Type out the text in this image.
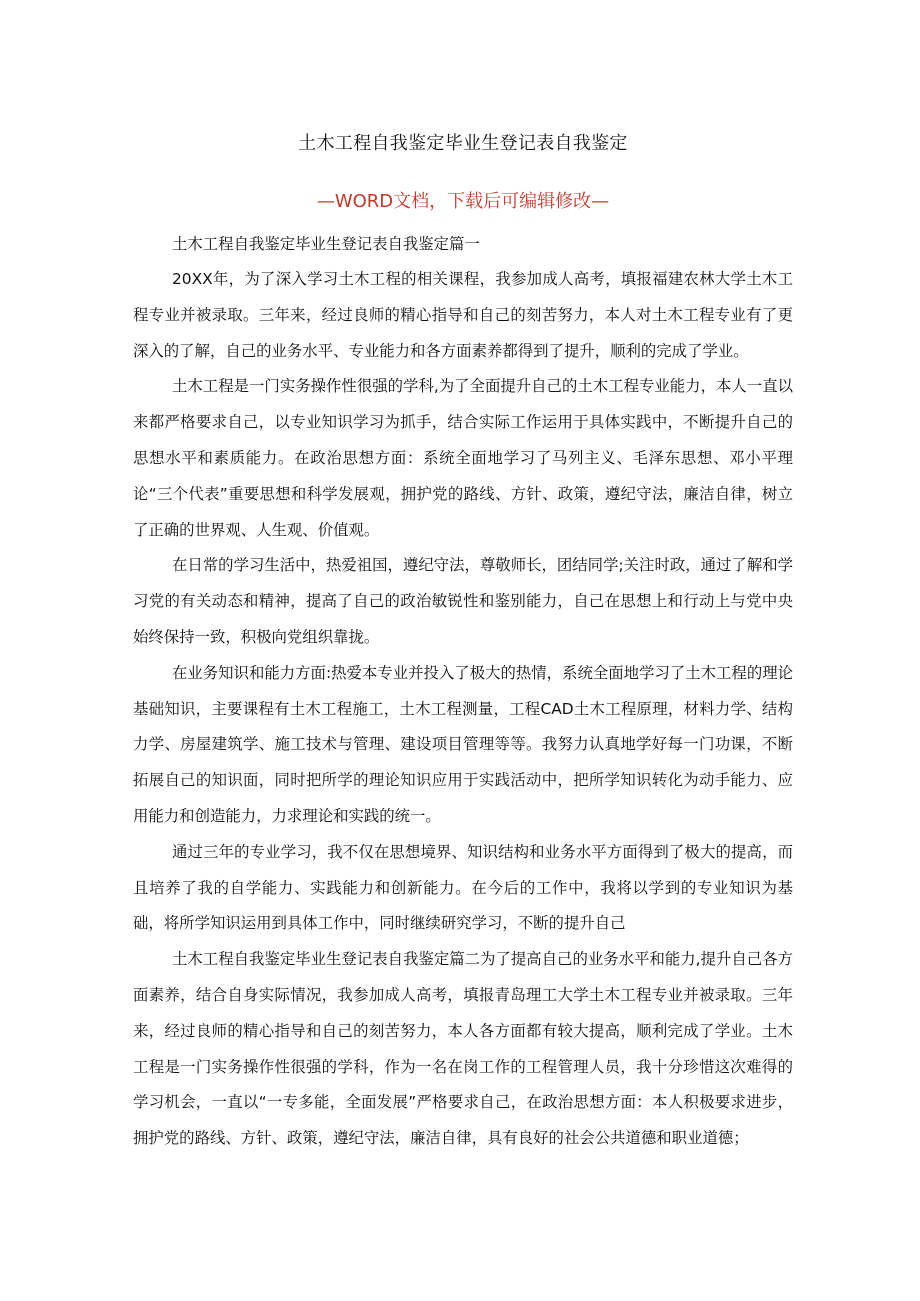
土木工程自我鉴定毕业生登记表自我鉴定
—WORD文档，下载后可编辑修改—

土木工程自我鉴定毕业生登记表自我鉴定篇一

20XX年，为了深入学习土木工程的相关课程，我参加成人高考，填报福建农林大学土木工程专业并被录取。三年来，经过良师的精心指导和自己的刻苦努力，本人对土木工程专业有了更深入的了解，自己的业务水平、专业能力和各方面素养都得到了提升，顺利的完成了学业。

土木工程是一门实务操作性很强的学科,为了全面提升自己的土木工程专业能力，本人一直以来都严格要求自己，以专业知识学习为抓手，结合实际工作运用于具体实践中，不断提升自己的思想水平和素质能力。在政治思想方面：系统全面地学习了马列主义、毛泽东思想、邓小平理论“三个代表”重要思想和科学发展观，拥护党的路线、方针、政策，遵纪守法，廉洁自律，树立了正确的世界观、人生观、价值观。

在日常的学习生活中，热爱祖国，遵纪守法，尊敬师长，团结同学;关注时政，通过了解和学习党的有关动态和精神，提高了自己的政治敏锐性和鉴别能力，自己在思想上和行动上与党中央始终保持一致，积极向党组织靠拢。

在业务知识和能力方面:热爱本专业并投入了极大的热情，系统全面地学习了土木工程的理论基础知识，主要课程有土木工程施工，土木工程测量，工程CAD土木工程原理，材料力学、结构力学、房屋建筑学、施工技术与管理、建设项目管理等等。我努力认真地学好每一门功课，不断拓展自己的知识面，同时把所学的理论知识应用于实践活动中，把所学知识转化为动手能力、应用能力和创造能力，力求理论和实践的统一。

通过三年的专业学习，我不仅在思想境界、知识结构和业务水平方面得到了极大的提高，而且培养了我的自学能力、实践能力和创新能力。在今后的工作中，我将以学到的专业知识为基础，将所学知识运用到具体工作中，同时继续研究学习，不断的提升自己

土木工程自我鉴定毕业生登记表自我鉴定篇二为了提高自己的业务水平和能力,提升自己各方面素养，结合自身实际情况，我参加成人高考，填报青岛理工大学土木工程专业并被录取。三年来，经过良师的精心指导和自己的刻苦努力，本人各方面都有较大提高，顺利完成了学业。土木工程是一门实务操作性很强的学科，作为一名在岗工作的工程管理人员，我十分珍惜这次难得的学习机会，一直以“一专多能，全面发展”严格要求自己，在政治思想方面：本人积极要求进步，拥护党的路线、方针、政策，遵纪守法，廉洁自律，具有良好的社会公共道德和职业道德；
